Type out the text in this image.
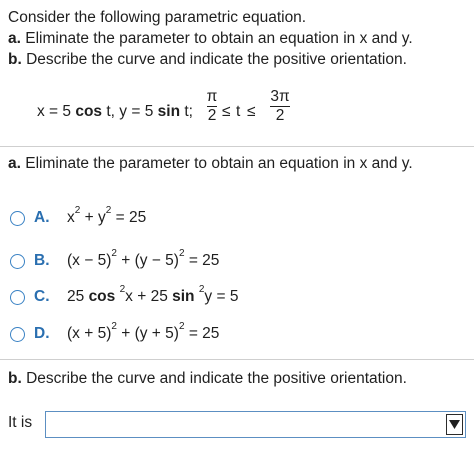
Consider the following parametric equation.
a. Eliminate the parameter to obtain an equation in x and y.
b. Describe the curve and indicate the positive orientation.
x = 5 cos t, y = 5 sin t;
π
2 ≤ t ≤
3π
2
a. Eliminate the parameter to obtain an equation in x and y.
A. $x^2 + y^2 = 25$
B. $(x - 5)^2 + (y - 5)^2 = 25$
C. 25 cos $^2$x + 25 sin $^2$y = 5
D. $(x + 5)^2 + (y + 5)^2 = 25$
b. Describe the curve and indicate the positive orientation.
It is
